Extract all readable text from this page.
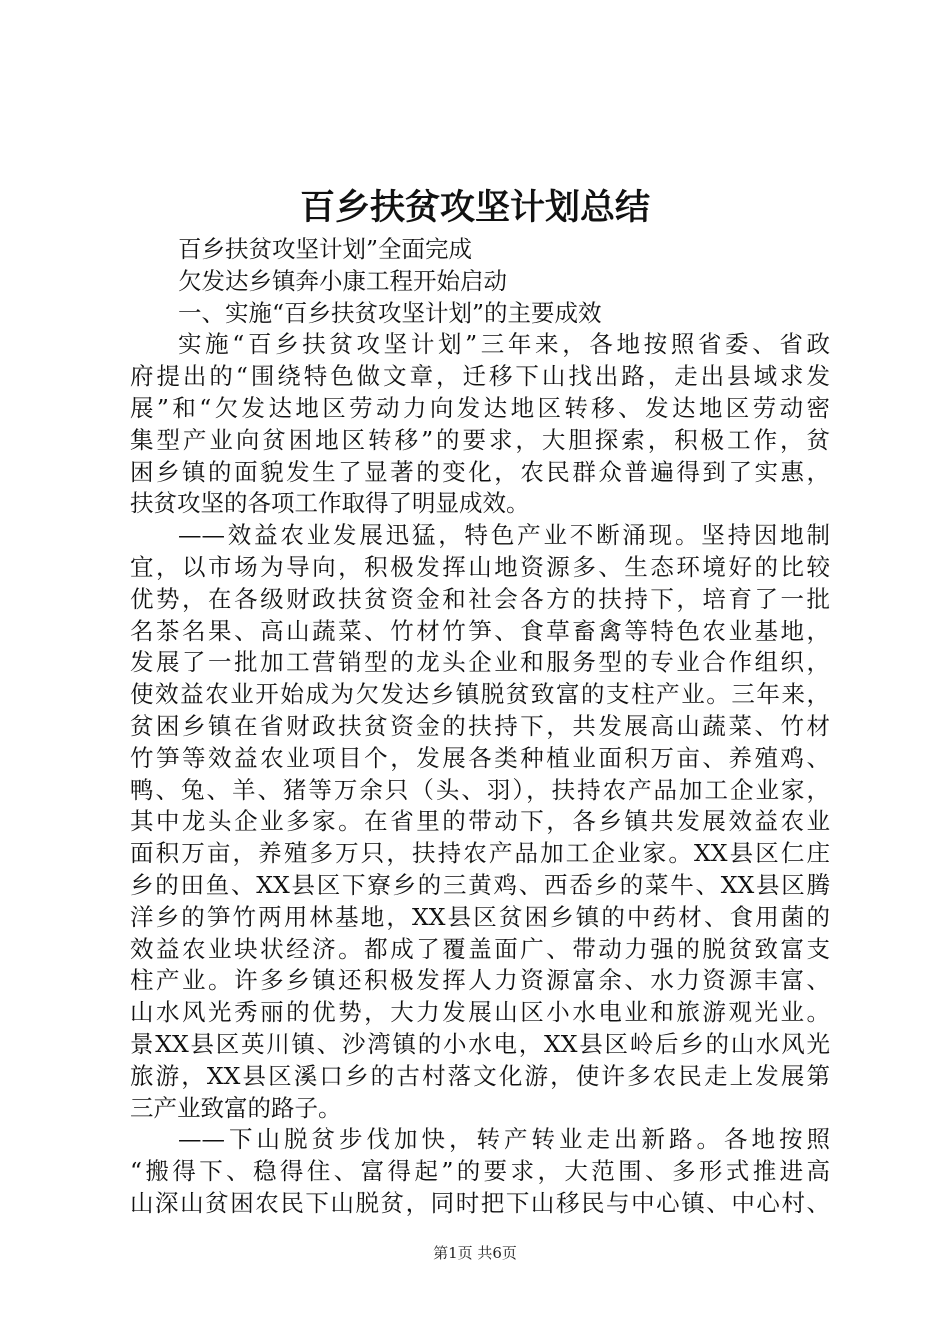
百乡扶贫攻坚计划总结
百乡扶贫攻坚计划”全面完成
欠发达乡镇奔小康工程开始启动
一、实施“百乡扶贫攻坚计划”的主要成效
实施“百乡扶贫攻坚计划”三年来，各地按照省委、省政
府提出的“围绕特色做文章，迁移下山找出路，走出县域求发
展”和“欠发达地区劳动力向发达地区转移、发达地区劳动密
集型产业向贫困地区转移”的要求，大胆探索，积极工作，贫
困乡镇的面貌发生了显著的变化，农民群众普遍得到了实惠，
扶贫攻坚的各项工作取得了明显成效。
——效益农业发展迅猛，特色产业不断涌现。坚持因地制
宜，以市场为导向，积极发挥山地资源多、生态环境好的比较
优势，在各级财政扶贫资金和社会各方的扶持下，培育了一批
名茶名果、高山蔬菜、竹材竹笋、食草畜禽等特色农业基地，
发展了一批加工营销型的龙头企业和服务型的专业合作组织，
使效益农业开始成为欠发达乡镇脱贫致富的支柱产业。三年来，
贫困乡镇在省财政扶贫资金的扶持下，共发展高山蔬菜、竹材
竹笋等效益农业项目个，发展各类种植业面积万亩、养殖鸡、
鸭、兔、羊、猪等万余只（头、羽），扶持农产品加工企业家，
其中龙头企业多家。在省里的带动下，各乡镇共发展效益农业
面积万亩，养殖多万只，扶持农产品加工企业家。XX县区仁庄
乡的田鱼、XX县区下寮乡的三黄鸡、西岙乡的菜牛、XX县区腾
洋乡的笋竹两用林基地，XX县区贫困乡镇的中药材、食用菌的
效益农业块状经济。都成了覆盖面广、带动力强的脱贫致富支
柱产业。许多乡镇还积极发挥人力资源富余、水力资源丰富、
山水风光秀丽的优势，大力发展山区小水电业和旅游观光业。
景XX县区英川镇、沙湾镇的小水电，XX县区岭后乡的山水风光
旅游，XX县区溪口乡的古村落文化游，使许多农民走上发展第
三产业致富的路子。
——下山脱贫步伐加快，转产转业走出新路。各地按照
“搬得下、稳得住、富得起”的要求，大范围、多形式推进高
山深山贫困农民下山脱贫，同时把下山移民与中心镇、中心村、
第1页 共6页
